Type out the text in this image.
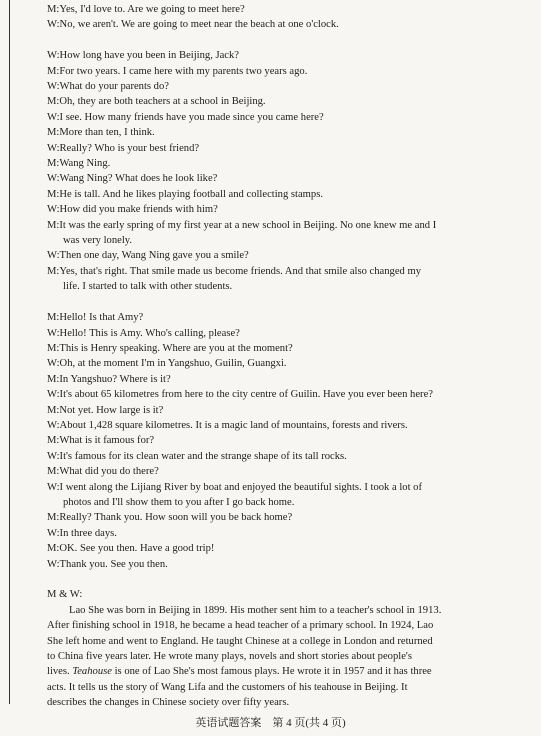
M:Yes, I'd love to. Are we going to meet here?
W:No, we aren't. We are going to meet near the beach at one o'clock.
W:How long have you been in Beijing, Jack?
M:For two years. I came here with my parents two years ago.
W:What do your parents do?
M:Oh, they are both teachers at a school in Beijing.
W:I see. How many friends have you made since you came here?
M:More than ten, I think.
W:Really? Who is your best friend?
M:Wang Ning.
W:Wang Ning? What does he look like?
M:He is tall. And he likes playing football and collecting stamps.
W:How did you make friends with him?
M:It was the early spring of my first year at a new school in Beijing. No one knew me and I
was very lonely.
W:Then one day, Wang Ning gave you a smile?
M:Yes, that's right. That smile made us become friends. And that smile also changed my
life. I started to talk with other students.
M:Hello! Is that Amy?
W:Hello! This is Amy. Who's calling, please?
M:This is Henry speaking. Where are you at the moment?
W:Oh, at the moment I'm in Yangshuo, Guilin, Guangxi.
M:In Yangshuo? Where is it?
W:It's about 65 kilometres from here to the city centre of Guilin. Have you ever been here?
M:Not yet. How large is it?
W:About 1,428 square kilometres. It is a magic land of mountains, forests and rivers.
M:What is it famous for?
W:It's famous for its clean water and the strange shape of its tall rocks.
M:What did you do there?
W:I went along the Lijiang River by boat and enjoyed the beautiful sights. I took a lot of
photos and I'll show them to you after I go back home.
M:Really? Thank you. How soon will you be back home?
W:In three days.
M:OK. See you then. Have a good trip!
W:Thank you. See you then.
M & W:
Lao She was born in Beijing in 1899. His mother sent him to a teacher's school in 1913.
After finishing school in 1918, he became a head teacher of a primary school. In 1924, Lao
She left home and went to England. He taught Chinese at a college in London and returned
to China five years later. He wrote many plays, novels and short stories about people's
lives. Teahouse is one of Lao She's most famous plays. He wrote it in 1957 and it has three
acts. It tells us the story of Wang Lifa and the customers of his teahouse in Beijing. It
describes the changes in Chinese society over fifty years.
英语试题答案　第 4 页(共 4 页)
